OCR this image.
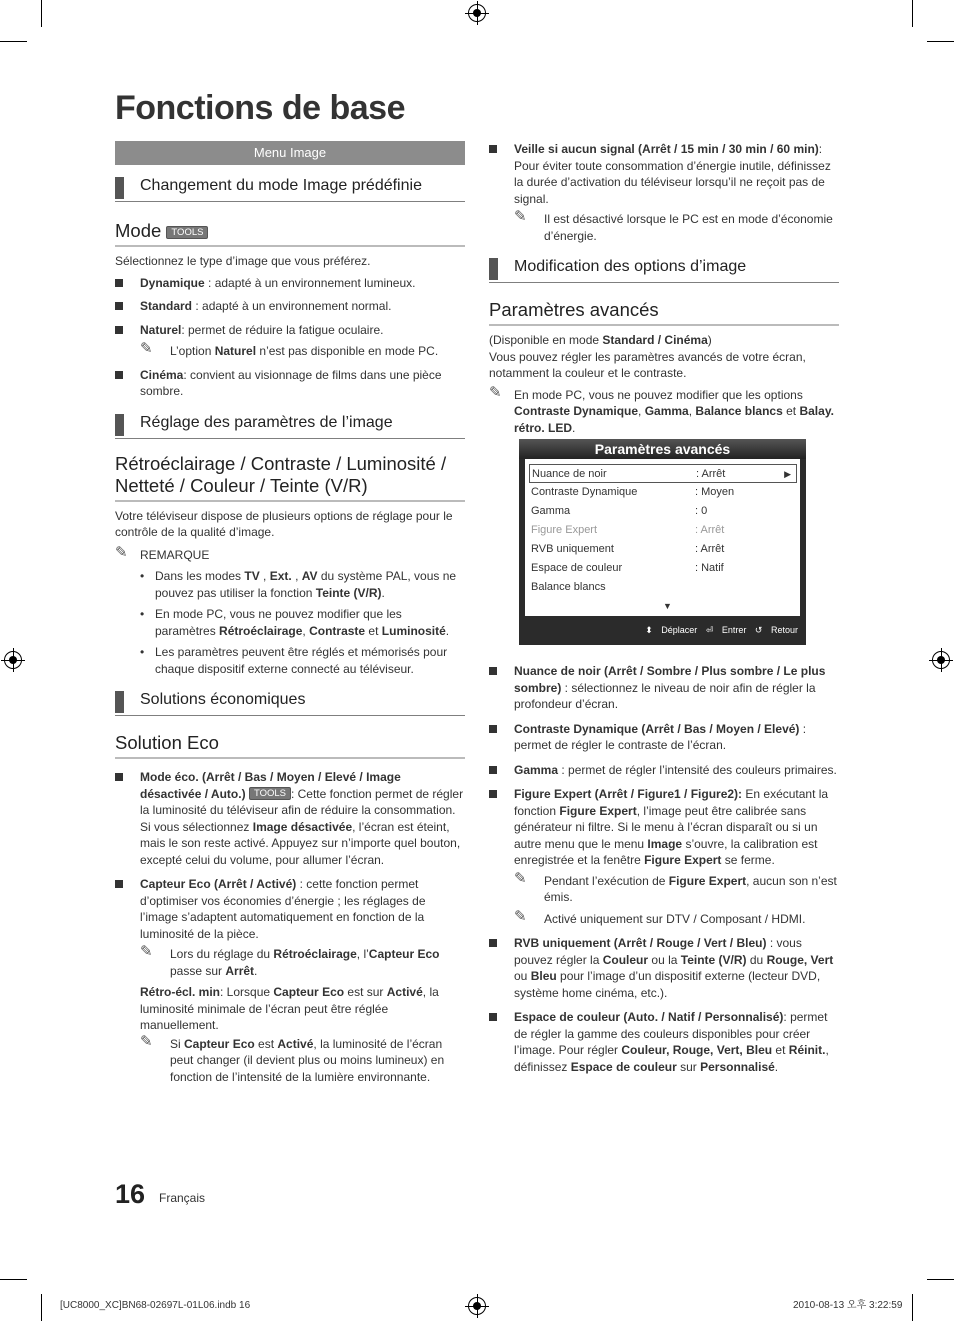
Fonctions de base
Menu Image
Changement du mode Image prédéfinie
Mode TOOLS

Sélectionnez le type d’image que vous préférez.

Dynamique : adapté à un environnement lumineux.
Standard : adapté à un environnement normal.
Naturel: permet de réduire la fatigue oculaire.
✎ L’option Naturel n’est pas disponible en mode PC.
Cinéma: convient au visionnage de films dans une pièce sombre.
Réglage des paramètres de l’image
Rétroéclairage / Contraste / Luminosité / Netteté / Couleur / Teinte (V/R)

Votre téléviseur dispose de plusieurs options de réglage pour le contrôle de la qualité d’image.

✎ REMARQUE
• Dans les modes TV , Ext. , AV du système PAL, vous ne pouvez pas utiliser la fonction Teinte (V/R).
• En mode PC, vous ne pouvez modifier que les paramètres Rétroéclairage, Contraste et Luminosité.
• Les paramètres peuvent être réglés et mémorisés pour chaque dispositif externe connecté au téléviseur.
Solutions économiques
Solution Eco
Mode éco. (Arrêt / Bas / Moyen / Elevé / Image désactivée / Auto.) TOOLS : Cette fonction permet de régler la luminosité du téléviseur afin de réduire la consommation. Si vous sélectionnez Image désactivée, l’écran est éteint, mais le son reste activé. Appuyez sur n’importe quel bouton, excepté celui du volume, pour allumer l’écran.
Capteur Eco (Arrêt / Activé) : cette fonction permet d’optimiser vos économies d’énergie ; les réglages de l’image s’adaptent automatiquement en fonction de la luminosité de la pièce.
✎ Lors du réglage du Rétroéclairage, l’Capteur Eco passe sur Arrêt.

Rétro-écl. min: Lorsque Capteur Eco est sur Activé, la luminosité minimale de l’écran peut être réglée manuellement.

✎ Si Capteur Eco est Activé, la luminosité de l’écran peut changer (il devient plus ou moins lumineux) en fonction de l’intensité de la lumière environnante.
Veille si aucun signal (Arrêt / 15 min / 30 min / 60 min): Pour éviter toute consommation d’énergie inutile, définissez la durée d’activation du téléviseur lorsqu’il ne reçoit pas de signal.
✎ Il est désactivé lorsque le PC est en mode d’économie d’énergie.
Modification des options d’image
Paramètres avancés

(Disponible en mode Standard / Cinéma)

Vous pouvez régler les paramètres avancés de votre écran, notamment la couleur et le contraste.

✎ En mode PC, vous ne pouvez modifier que les options Contraste Dynamique, Gamma, Balance blancs et Balay. rétro. LED.
Nuance de noir (Arrêt / Sombre / Plus sombre / Le plus sombre) : sélectionnez le niveau de noir afin de régler la profondeur d’écran.
Contraste Dynamique (Arrêt / Bas / Moyen / Elevé) : permet de régler le contraste de l’écran.
Gamma : permet de régler l’intensité des couleurs primaires.
Figure Expert (Arrêt / Figure1 / Figure2): En exécutant la fonction Figure Expert, l’image peut être calibrée sans générateur ni filtre. Si le menu à l’écran disparaît ou si un autre menu que le menu Image s’ouvre, la calibration est enregistrée et la fenêtre Figure Expert se ferme.
✎ Pendant l’exécution de Figure Expert, aucun son n’est émis.
✎ Activé uniquement sur DTV / Composant / HDMI.
RVB uniquement (Arrêt / Rouge / Vert / Bleu) : vous pouvez régler la Couleur ou la Teinte (V/R) du Rouge, Vert ou Bleu pour l’image d’un dispositif externe (lecteur DVD, système home cinéma, etc.).
Espace de couleur (Auto. / Natif / Personnalisé): permet de régler la gamme des couleurs disponibles pour créer l’image. Pour régler Couleur, Rouge, Vert, Bleu et Réinit., définissez Espace de couleur sur Personnalisé.
Paramètres avancés
Nuance de noir	: Arrêt	▶
Contraste Dynamique	: Moyen
Gamma	: 0
Figure Expert	: Arrêt
RVB uniquement	: Arrêt
Espace de couleur	: Natif
Balance blancs
▼
⬍ Déplacer ⏎ Entrer ↺ Retour
16 Français
[UC8000_XC]BN68-02697L-01L06.indb 16	2010-08-13 오후 3:22:59
